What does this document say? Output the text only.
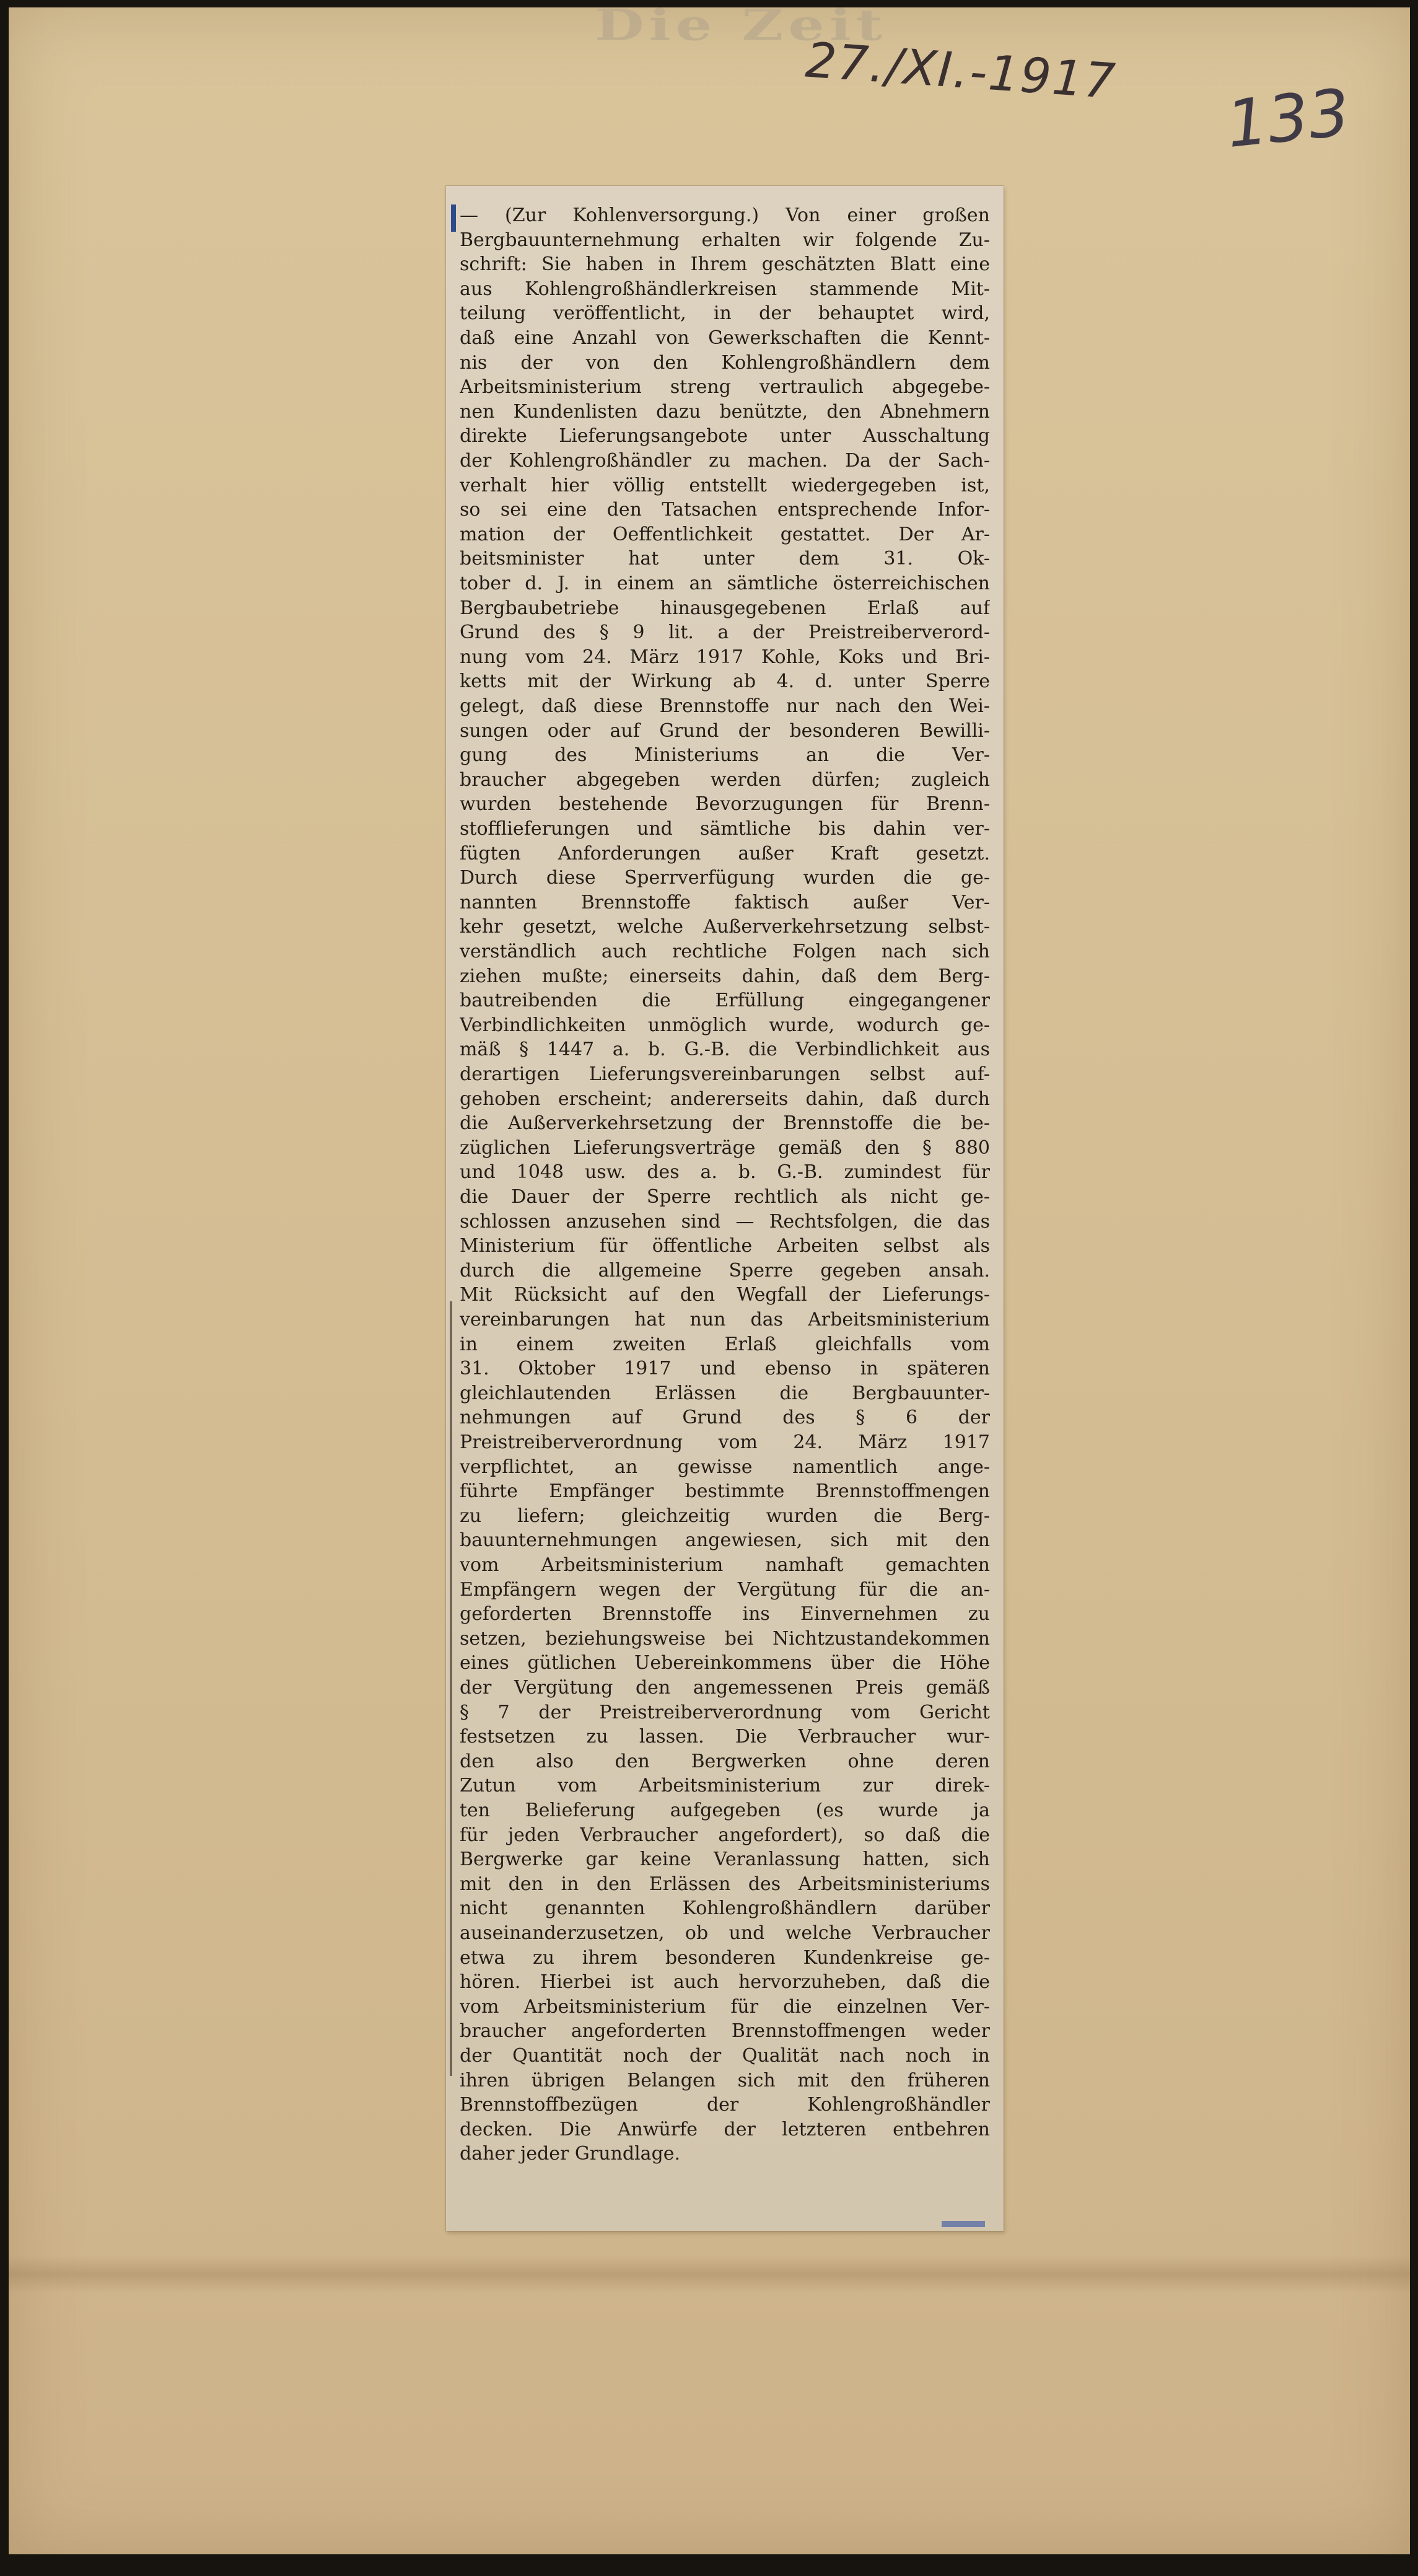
Die Zeit
27./XI.-1917
133
— (Zur Kohlenversorgung.) Von einer großen
Bergbauunternehmung erhalten wir folgende Zu-
schrift: Sie haben in Ihrem geschätzten Blatt eine
aus Kohlengroßhändlerkreisen stammende Mit-
teilung veröffentlicht, in der behauptet wird,
daß eine Anzahl von Gewerkschaften die Kennt-
nis der von den Kohlengroßhändlern dem
Arbeitsministerium streng vertraulich abgegebe-
nen Kundenlisten dazu benützte, den Abnehmern
direkte Lieferungsangebote unter Ausschaltung
der Kohlengroßhändler zu machen. Da der Sach-
verhalt hier völlig entstellt wiedergegeben ist,
so sei eine den Tatsachen entsprechende Infor-
mation der Oeffentlichkeit gestattet. Der Ar-
beitsminister hat unter dem 31. Ok-
tober d. J. in einem an sämtliche österreichischen
Bergbaubetriebe hinausgegebenen Erlaß auf
Grund des § 9 lit. a der Preistreiberverord-
nung vom 24. März 1917 Kohle, Koks und Bri-
ketts mit der Wirkung ab 4. d. unter Sperre
gelegt, daß diese Brennstoffe nur nach den Wei-
sungen oder auf Grund der besonderen Bewilli-
gung des Ministeriums an die Ver-
braucher abgegeben werden dürfen; zugleich
wurden bestehende Bevorzugungen für Brenn-
stofflieferungen und sämtliche bis dahin ver-
fügten Anforderungen außer Kraft gesetzt.
Durch diese Sperrverfügung wurden die ge-
nannten Brennstoffe faktisch außer Ver-
kehr gesetzt, welche Außerverkehrsetzung selbst-
verständlich auch rechtliche Folgen nach sich
ziehen mußte; einerseits dahin, daß dem Berg-
bautreibenden die Erfüllung eingegangener
Verbindlichkeiten unmöglich wurde, wodurch ge-
mäß § 1447 a. b. G.-B. die Verbindlichkeit aus
derartigen Lieferungsvereinbarungen selbst auf-
gehoben erscheint; andererseits dahin, daß durch
die Außerverkehrsetzung der Brennstoffe die be-
züglichen Lieferungsverträge gemäß den § 880
und 1048 usw. des a. b. G.-B. zumindest für
die Dauer der Sperre rechtlich als nicht ge-
schlossen anzusehen sind — Rechtsfolgen, die das
Ministerium für öffentliche Arbeiten selbst als
durch die allgemeine Sperre gegeben ansah.
Mit Rücksicht auf den Wegfall der Lieferungs-
vereinbarungen hat nun das Arbeitsministerium
in einem zweiten Erlaß gleichfalls vom
31. Oktober 1917 und ebenso in späteren
gleichlautenden Erlässen die Bergbauunter-
nehmungen auf Grund des § 6 der
Preistreiberverordnung vom 24. März 1917
verpflichtet, an gewisse namentlich ange-
führte Empfänger bestimmte Brennstoffmengen
zu liefern; gleichzeitig wurden die Berg-
bauunternehmungen angewiesen, sich mit den
vom Arbeitsministerium namhaft gemachten
Empfängern wegen der Vergütung für die an-
geforderten Brennstoffe ins Einvernehmen zu
setzen, beziehungsweise bei Nichtzustandekommen
eines gütlichen Uebereinkommens über die Höhe
der Vergütung den angemessenen Preis gemäß
§ 7 der Preistreiberverordnung vom Gericht
festsetzen zu lassen. Die Verbraucher wur-
den also den Bergwerken ohne deren
Zutun vom Arbeitsministerium zur direk-
ten Belieferung aufgegeben (es wurde ja
für jeden Verbraucher angefordert), so daß die
Bergwerke gar keine Veranlassung hatten, sich
mit den in den Erlässen des Arbeitsministeriums
nicht genannten Kohlengroßhändlern darüber
auseinanderzusetzen, ob und welche Verbraucher
etwa zu ihrem besonderen Kundenkreise ge-
hören. Hierbei ist auch hervorzuheben, daß die
vom Arbeitsministerium für die einzelnen Ver-
braucher angeforderten Brennstoffmengen weder
der Quantität noch der Qualität nach noch in
ihren übrigen Belangen sich mit den früheren
Brennstoffbezügen der Kohlengroßhändler
decken. Die Anwürfe der letzteren entbehren
daher jeder Grundlage.
